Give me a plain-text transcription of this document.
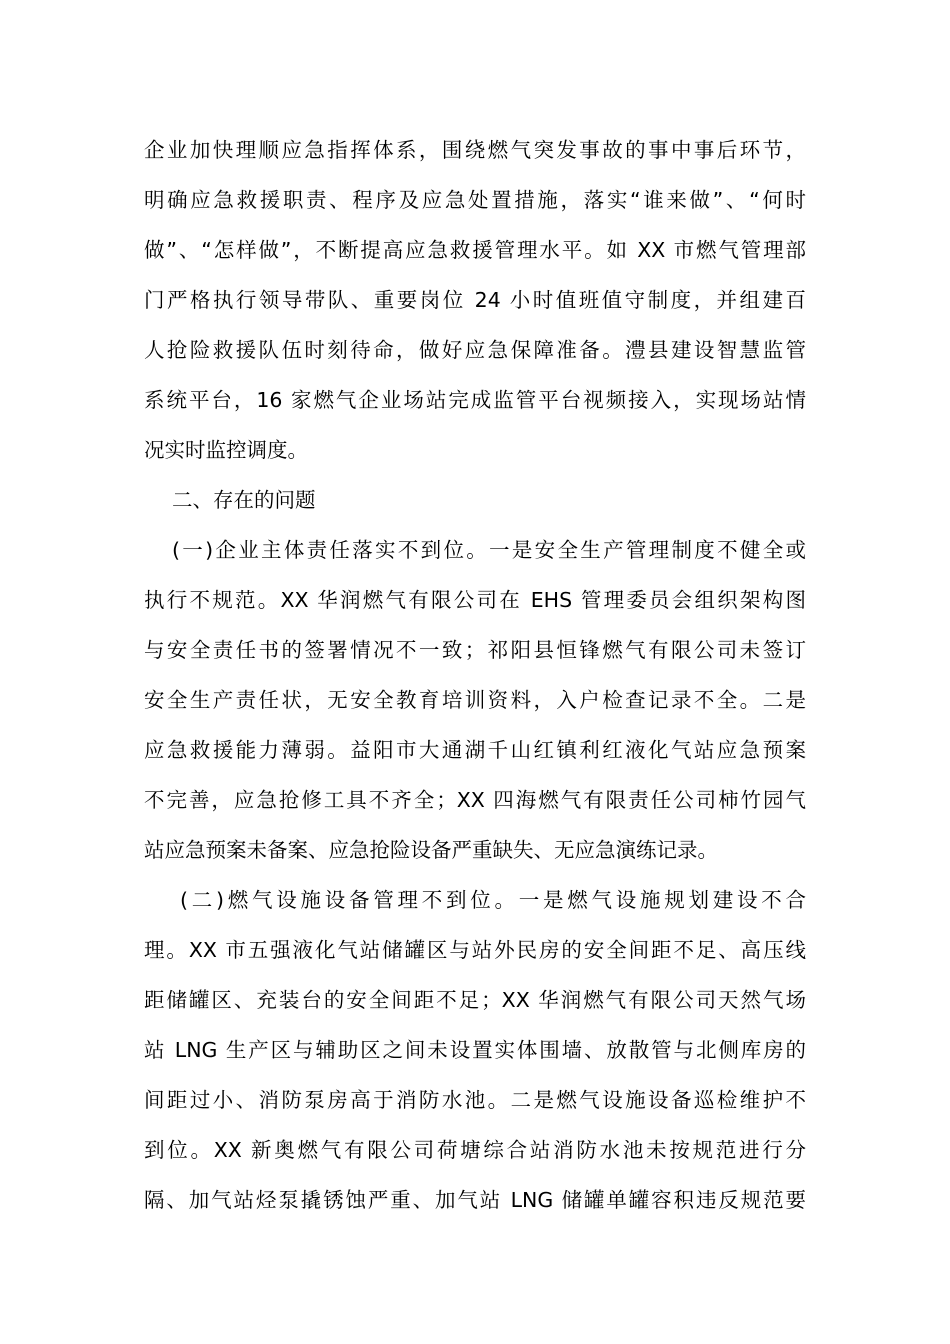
企业加快理顺应急指挥体系，围绕燃气突发事故的事中事后环节，
明确应急救援职责、程序及应急处置措施，落实“谁来做”、“何时
做”、“怎样做”，不断提高应急救援管理水平。如 XX 市燃气管理部
门严格执行领导带队、重要岗位 24 小时值班值守制度，并组建百
人抢险救援队伍时刻待命，做好应急保障准备。澧县建设智慧监管
系统平台，16 家燃气企业场站完成监管平台视频接入，实现场站情
况实时监控调度。
二、存在的问题
(一)企业主体责任落实不到位。一是安全生产管理制度不健全或
执行不规范。XX 华润燃气有限公司在 EHS 管理委员会组织架构图
与安全责任书的签署情况不一致；祁阳县恒锋燃气有限公司未签订
安全生产责任状，无安全教育培训资料，入户检查记录不全。二是
应急救援能力薄弱。益阳市大通湖千山红镇利红液化气站应急预案
不完善，应急抢修工具不齐全；XX 四海燃气有限责任公司柿竹园气
站应急预案未备案、应急抢险设备严重缺失、无应急演练记录。
(二)燃气设施设备管理不到位。一是燃气设施规划建设不合
理。XX 市五强液化气站储罐区与站外民房的安全间距不足、高压线
距储罐区、充装台的安全间距不足；XX 华润燃气有限公司天然气场
站 LNG 生产区与辅助区之间未设置实体围墙、放散管与北侧库房的
间距过小、消防泵房高于消防水池。二是燃气设施设备巡检维护不
到位。XX 新奥燃气有限公司荷塘综合站消防水池未按规范进行分
隔、加气站烃泵撬锈蚀严重、加气站 LNG 储罐单罐容积违反规范要
